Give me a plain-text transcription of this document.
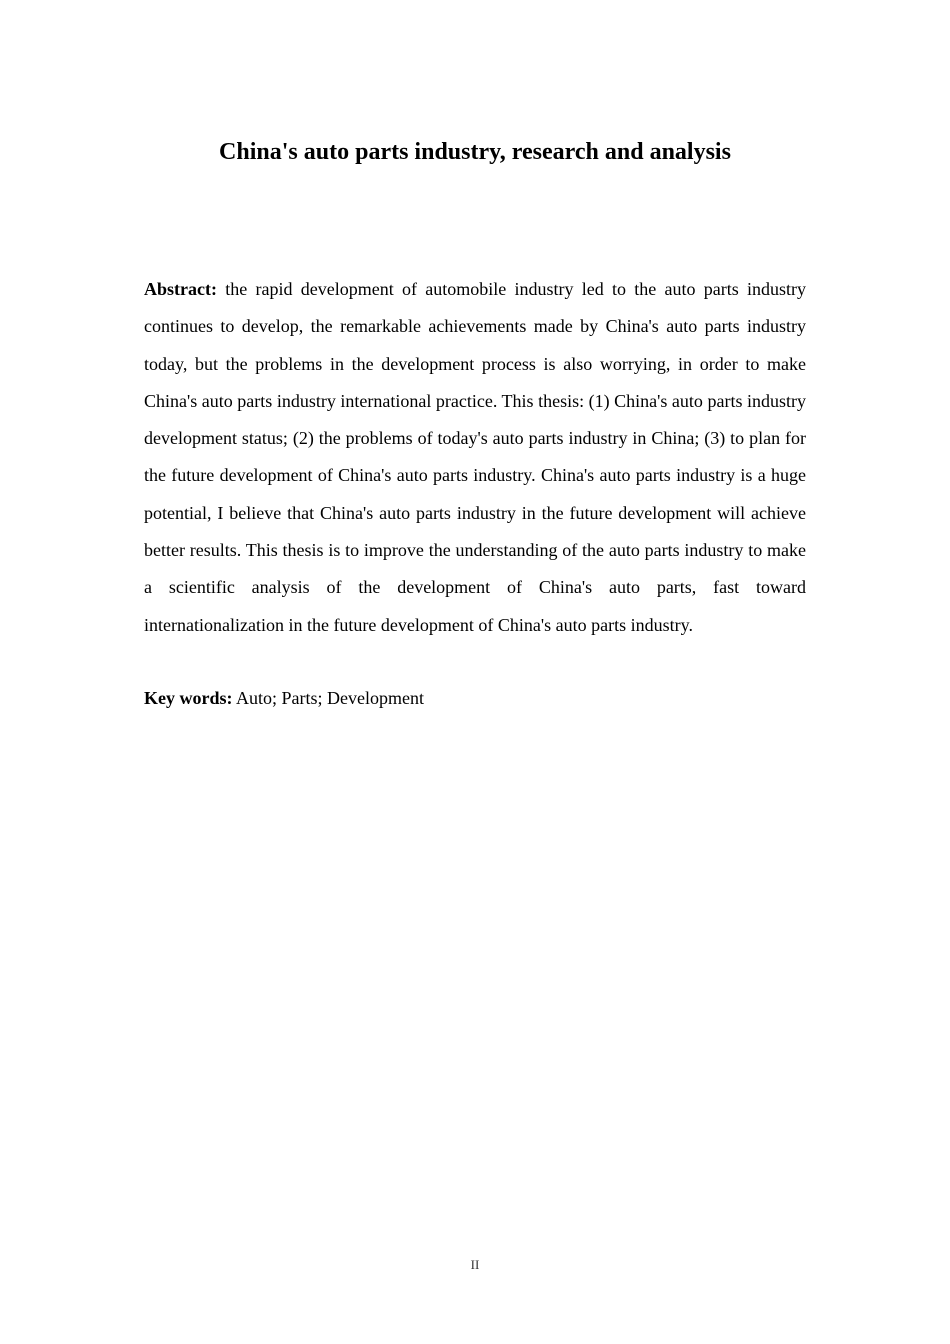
China's auto parts industry, research and analysis

Abstract: the rapid development of automobile industry led to the auto parts industry continues to develop, the remarkable achievements made by China's auto parts industry today, but the problems in the development process is also worrying, in order to make China's auto parts industry international practice. This thesis: (1) China's auto parts industry development status; (2) the problems of today's auto parts industry in China; (3) to plan for the future development of China's auto parts industry. China's auto parts industry is a huge potential, I believe that China's auto parts industry in the future development will achieve better results. This thesis is to improve the understanding of the auto parts industry to make a scientific analysis of the development of China's auto parts, fast toward internationalization in the future development of China's auto parts industry.

Key words: Auto; Parts; Development

II
